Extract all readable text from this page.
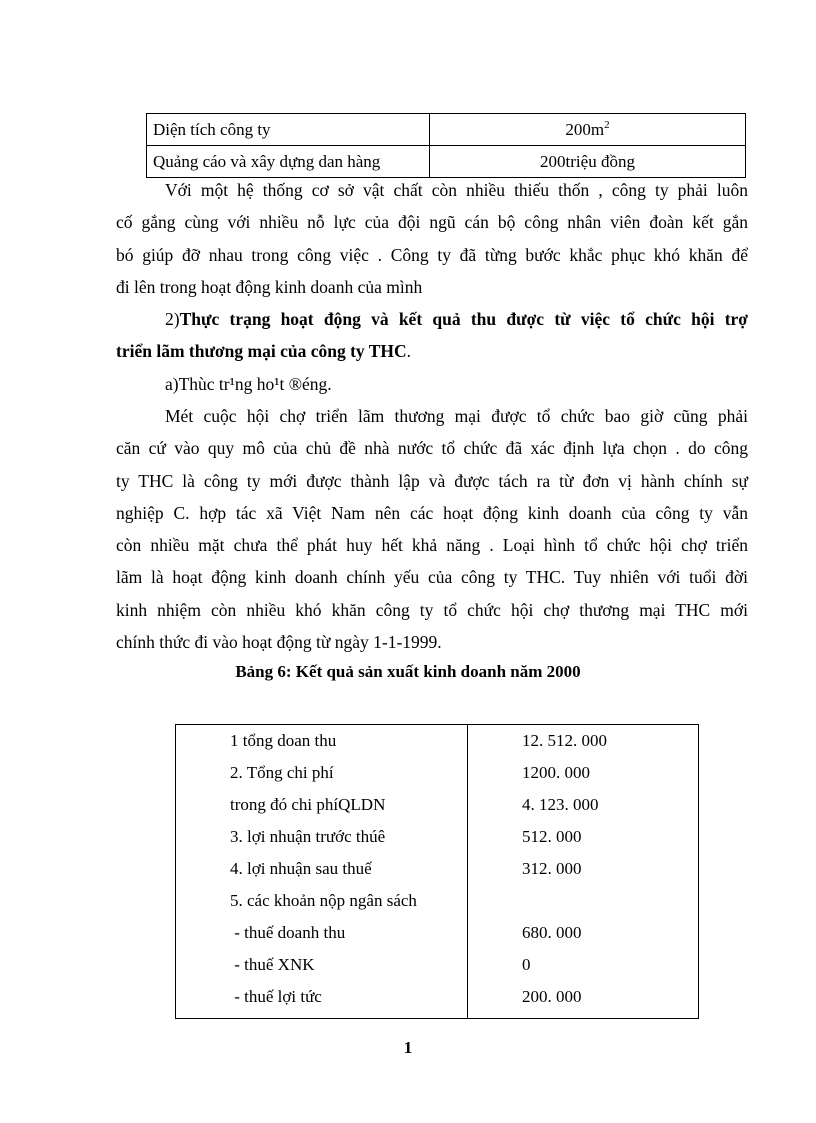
Diện tích công ty	$200m^2$
Quảng cáo và xây dựng dan hàng	200triệu đồng
Với một hệ thống cơ sở vật chất còn nhiều thiếu thốn , công ty phải luôn
cố gắng cùng với nhiều nỗ lực của đội ngũ cán bộ công nhân viên đoàn kết gắn
bó giúp đỡ nhau trong công việc . Công ty đã từng bước khắc phục khó khăn để
đi lên trong hoạt động kinh doanh của mình
2)Thực trạng hoạt động và kết quả thu được từ việc tổ chức hội trợ
triển lãm thương mại của công ty THC.
a)Thùc tr¹ng ho¹t ®éng.
Mét cuộc hội chợ triển lãm thương mại được tổ chức bao giờ cũng phải
căn cứ vào quy mô của chủ đề nhà nước tổ chức đã xác định lựa chọn . do công
ty THC là công ty mới được thành lập và được tách ra từ đơn vị hành chính sự
nghiệp C. hợp tác xã Việt Nam nên các hoạt động kinh doanh của công ty vẫn
còn nhiều mặt chưa thể phát huy hết khả năng . Loại hình tổ chức hội chợ triển
lãm là hoạt động kinh doanh chính yếu của công ty THC. Tuy nhiên với tuổi đời
kinh nhiệm còn nhiều khó khăn công ty tổ chức hội chợ thương mại THC mới
chính thức đi vào hoạt động từ ngày 1-1-1999.
Bảng 6: Kết quả sản xuất kinh doanh năm 2000
1 tổng doan thu	12. 512. 000
2. Tổng chi phí	1200. 000
trong đó chi phíQLDN	4. 123. 000
3. lợi nhuận trước thúê	512. 000
4. lợi nhuận sau thuế	312. 000
5. các khoản nộp ngân sách
- thuế doanh thu	680. 000
- thuế XNK	0
- thuế lợi tức	200. 000
1
